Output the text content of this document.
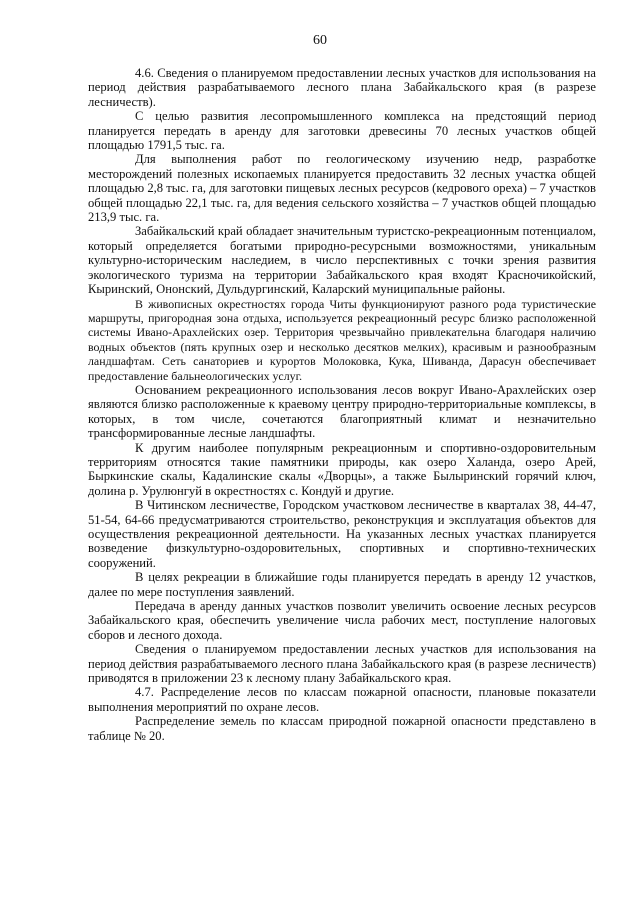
60

4.6. Сведения о планируемом предоставлении лесных участков для использования на период действия разрабатываемого лесного плана Забайкальского края (в разрезе лесничеств).

С целью развития лесопромышленного комплекса на предстоящий период планируется передать в аренду для заготовки древесины 70 лесных участков общей площадью 1791,5 тыс. га.

Для выполнения работ по геологическому изучению недр, разработке месторождений полезных ископаемых планируется предоставить 32 лесных участка общей площадью 2,8 тыс. га, для заготовки пищевых лесных ресурсов (кедрового ореха) – 7 участков общей площадью 22,1 тыс. га, для ведения сельского хозяйства – 7 участков общей площадью 213,9 тыс. га.

Забайкальский край обладает значительным туристско-рекреационным потенциалом, который определяется богатыми природно-ресурсными возможностями, уникальным культурно-историческим наследием, в число перспективных с точки зрения развития экологического туризма на территории Забайкальского края входят Красночикойский, Кыринский, Ононский, Дульдургинский, Каларский муниципальные районы.

В живописных окрестностях города Читы функционируют разного рода туристические маршруты, пригородная зона отдыха, используется рекреационный ресурс близко расположенной системы Ивано-Арахлейских озер. Территория чрезвычайно привлекательна благодаря наличию водных объектов (пять крупных озер и несколько десятков мелких), красивым и разнообразным ландшафтам. Сеть санаториев и курортов Молоковка, Кука, Шиванда, Дарасун обеспечивает предоставление бальнеологических услуг.

Основанием рекреационного использования лесов вокруг Ивано-Арахлейских озер являются близко расположенные к краевому центру природно-территориальные комплексы, в которых, в том числе, сочетаются благоприятный климат и незначительно трансформированные лесные ландшафты.

К другим наиболее популярным рекреационным и спортивно-оздоровительным территориям относятся такие памятники природы, как озеро Халанда, озеро Арей, Быркинские скалы, Кадалинские скалы «Дворцы», а также Былыринский горячий ключ, долина р. Урулюнгуй в окрестностях с. Кондуй и другие.

В Читинском лесничестве, Городском участковом лесничестве в кварталах 38, 44-47, 51-54, 64-66 предусматриваются строительство, реконструкция и эксплуатация объектов для осуществления рекреационной деятельности. На указанных лесных участках планируется возведение физкультурно-оздоровительных, спортивных и спортивно-технических сооружений.

В целях рекреации в ближайшие годы планируется передать в аренду 12 участков, далее по мере поступления заявлений.

Передача в аренду данных участков позволит увеличить освоение лесных ресурсов Забайкальского края, обеспечить увеличение числа рабочих мест, поступление налоговых сборов и лесного дохода.

Сведения о планируемом предоставлении лесных участков для использования на период действия разрабатываемого лесного плана Забайкальского края (в разрезе лесничеств) приводятся в приложении 23 к лесному плану Забайкальского края.

4.7. Распределение лесов по классам пожарной опасности, плановые показатели выполнения мероприятий по охране лесов.

Распределение земель по классам природной пожарной опасности представлено в таблице № 20.
